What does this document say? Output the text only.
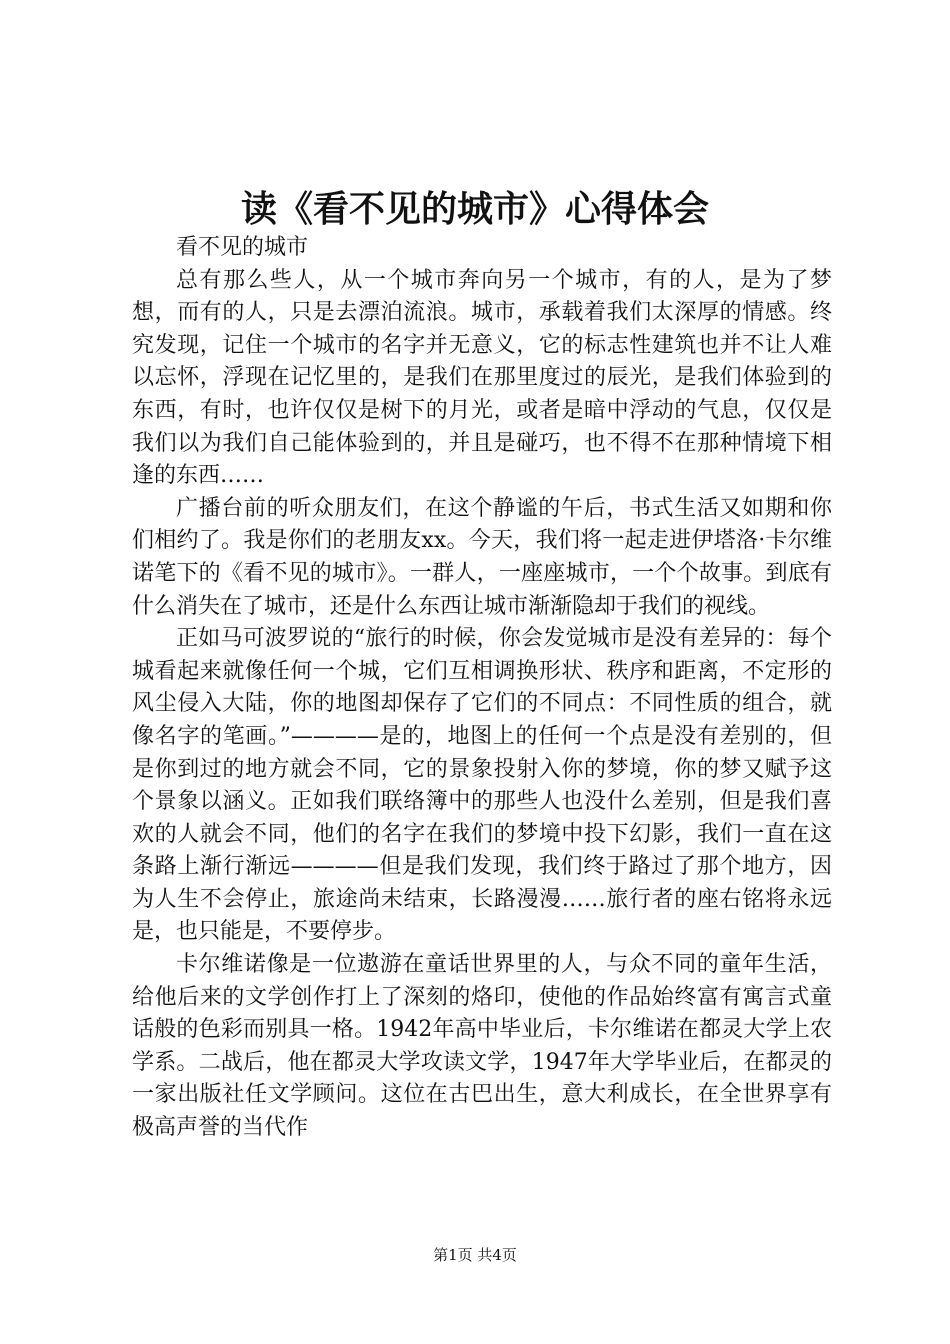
读《看不见的城市》心得体会

看不见的城市

总有那么些人，从一个城市奔向另一个城市，有的人，是为了梦想，而有的人，只是去漂泊流浪。城市，承载着我们太深厚的情感。终究发现，记住一个城市的名字并无意义，它的标志性建筑也并不让人难以忘怀，浮现在记忆里的，是我们在那里度过的辰光，是我们体验到的东西，有时，也许仅仅是树下的月光，或者是暗中浮动的气息，仅仅是我们以为我们自己能体验到的，并且是碰巧，也不得不在那种情境下相逢的东西……

广播台前的听众朋友们，在这个静谧的午后，书式生活又如期和你们相约了。我是你们的老朋友xx。今天，我们将一起走进伊塔洛·卡尔维诺笔下的《看不见的城市》。一群人，一座座城市，一个个故事。到底有什么消失在了城市，还是什么东西让城市渐渐隐却于我们的视线。

正如马可波罗说的“旅行的时候，你会发觉城市是没有差异的：每个城看起来就像任何一个城，它们互相调换形状、秩序和距离，不定形的风尘侵入大陆，你的地图却保存了它们的不同点：不同性质的组合，就像名字的笔画。”————是的，地图上的任何一个点是没有差别的，但是你到过的地方就会不同，它的景象投射入你的梦境，你的梦又赋予这个景象以涵义。正如我们联络簿中的那些人也没什么差别，但是我们喜欢的人就会不同，他们的名字在我们的梦境中投下幻影，我们一直在这条路上渐行渐远————但是我们发现，我们终于路过了那个地方，因为人生不会停止，旅途尚未结束，长路漫漫……旅行者的座右铭将永远是，也只能是，不要停步。

卡尔维诺像是一位遨游在童话世界里的人，与众不同的童年生活，给他后来的文学创作打上了深刻的烙印，使他的作品始终富有寓言式童话般的色彩而别具一格。1942年高中毕业后，卡尔维诺在都灵大学上农学系。二战后，他在都灵大学攻读文学，1947年大学毕业后，在都灵的一家出版社任文学顾问。这位在古巴出生，意大利成长，在全世界享有极高声誉的当代作

第1页 共4页
